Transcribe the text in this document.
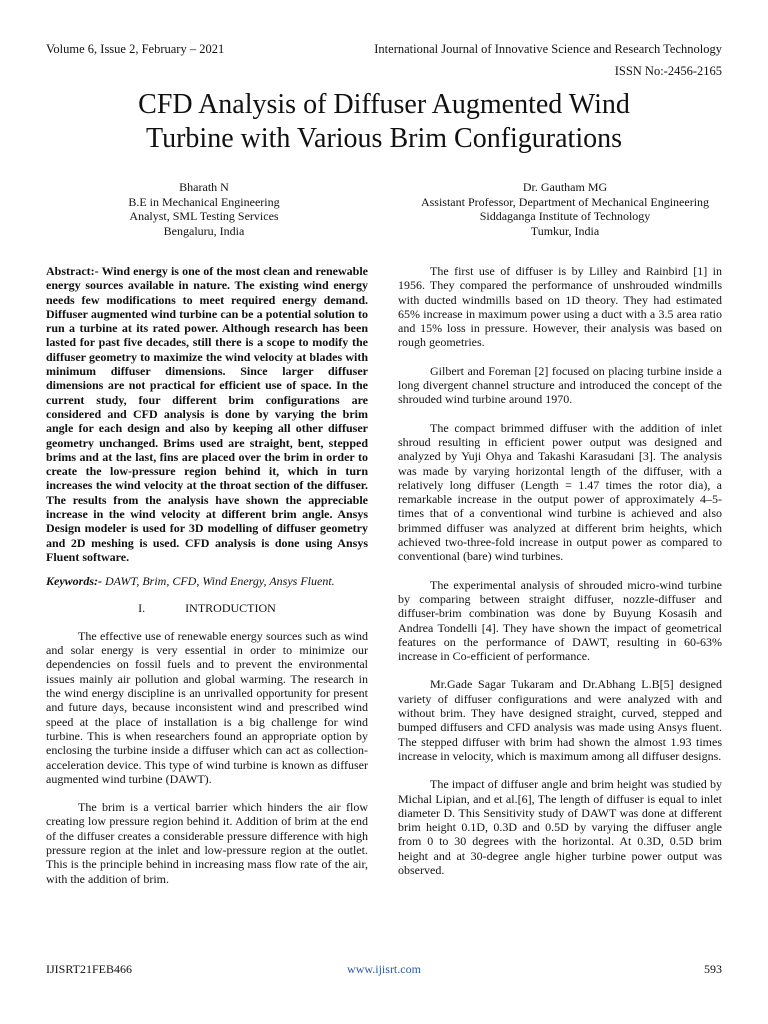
Volume 6, Issue 2, February – 2021	International Journal of Innovative Science and Research Technology
ISSN No:-2456-2165
CFD Analysis of Diffuser Augmented Wind
Turbine with Various Brim Configurations
Bharath N
B.E in Mechanical Engineering
Analyst, SML Testing Services
Bengaluru, India
Dr. Gautham MG
Assistant Professor, Department of Mechanical Engineering
Siddaganga Institute of Technology
Tumkur, India

Abstract:- Wind energy is one of the most clean and renewable energy sources available in nature. The existing wind energy needs few modifications to meet required energy demand. Diffuser augmented wind turbine can be a potential solution to run a turbine at its rated power. Although research has been lasted for past five decades, still there is a scope to modify the diffuser geometry to maximize the wind velocity at blades with minimum diffuser dimensions. Since larger diffuser dimensions are not practical for efficient use of space. In the current study, four different brim configurations are considered and CFD analysis is done by varying the brim angle for each design and also by keeping all other diffuser geometry unchanged. Brims used are straight, bent, stepped brims and at the last, fins are placed over the brim in order to create the low-pressure region behind it, which in turn increases the wind velocity at the throat section of the diffuser. The results from the analysis have shown the appreciable increase in the wind velocity at different brim angle. Ansys Design modeler is used for 3D modelling of diffuser geometry and 2D meshing is used. CFD analysis is done using Ansys Fluent software.

Keywords:- DAWT, Brim, CFD, Wind Energy, Ansys Fluent.

I.	INTRODUCTION

The effective use of renewable energy sources such as wind and solar energy is very essential in order to minimize our dependencies on fossil fuels and to prevent the environmental issues mainly air pollution and global warming. The research in the wind energy discipline is an unrivalled opportunity for present and future days, because inconsistent wind and prescribed wind speed at the place of installation is a big challenge for wind turbine. This is when researchers found an appropriate option by enclosing the turbine inside a diffuser which can act as collection-acceleration device. This type of wind turbine is known as diffuser augmented wind turbine (DAWT).

The brim is a vertical barrier which hinders the air flow creating low pressure region behind it. Addition of brim at the end of the diffuser creates a considerable pressure difference with high pressure region at the inlet and low-pressure region at the outlet. This is the principle behind in increasing mass flow rate of the air, with the addition of brim.

The first use of diffuser is by Lilley and Rainbird [1] in 1956. They compared the performance of unshrouded windmills with ducted windmills based on 1D theory. They had estimated 65% increase in maximum power using a duct with a 3.5 area ratio and 15% loss in pressure. However, their analysis was based on rough geometries.

Gilbert and Foreman [2] focused on placing turbine inside a long divergent channel structure and introduced the concept of the shrouded wind turbine around 1970.

The compact brimmed diffuser with the addition of inlet shroud resulting in efficient power output was designed and analyzed by Yuji Ohya and Takashi Karasudani [3]. The analysis was made by varying horizontal length of the diffuser, with a relatively long diffuser (Length = 1.47 times the rotor dia), a remarkable increase in the output power of approximately 4–5-times that of a conventional wind turbine is achieved and also brimmed diffuser was analyzed at different brim heights, which achieved two-three-fold increase in output power as compared to conventional (bare) wind turbines.

The experimental analysis of shrouded micro-wind turbine by comparing between straight diffuser, nozzle-diffuser and diffuser-brim combination was done by Buyung Kosasih and Andrea Tondelli [4]. They have shown the impact of geometrical features on the performance of DAWT, resulting in 60-63% increase in Co-efficient of performance.

Mr.Gade Sagar Tukaram and Dr.Abhang L.B[5] designed variety of diffuser configurations and were analyzed with and without brim. They have designed straight, curved, stepped and bumped diffusers and CFD analysis was made using Ansys fluent. The stepped diffuser with brim had shown the almost 1.93 times increase in velocity, which is maximum among all diffuser designs.

The impact of diffuser angle and brim height was studied by Michal Lipian, and et al.[6], The length of diffuser is equal to inlet diameter D. This Sensitivity study of DAWT was done at different brim height 0.1D, 0.3D and 0.5D by varying the diffuser angle from 0 to 30 degrees with the horizontal. At 0.3D, 0.5D brim height and at 30-degree angle higher turbine power output was observed.

IJISRT21FEB466	www.ijisrt.com	593
